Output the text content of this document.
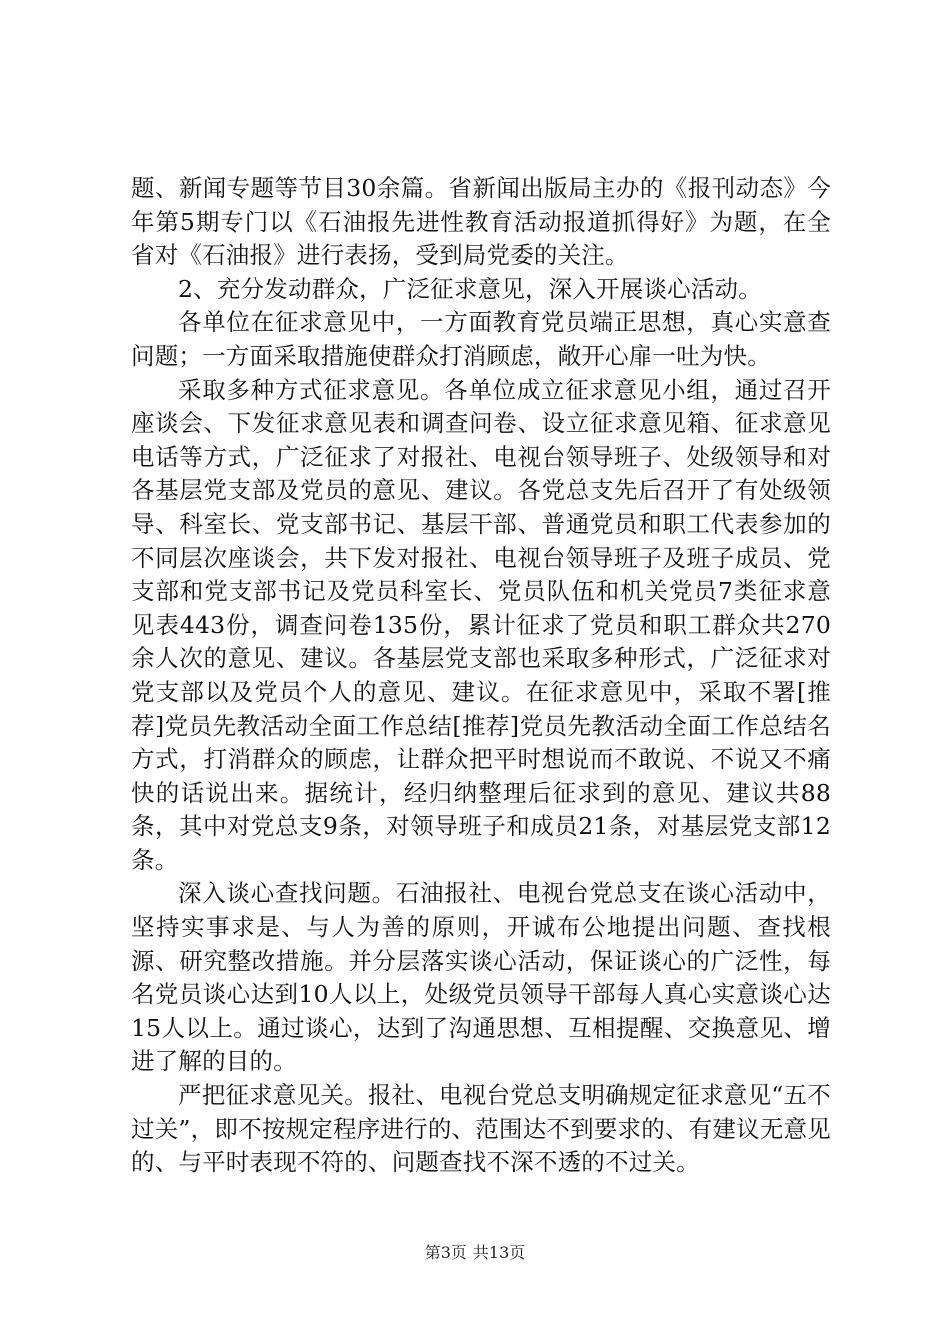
题、新闻专题等节目30余篇。省新闻出版局主办的《报刊动态》今年第5期专门以《石油报先进性教育活动报道抓得好》为题，在全省对《石油报》进行表扬，受到局党委的关注。

2、充分发动群众，广泛征求意见，深入开展谈心活动。

各单位在征求意见中，一方面教育党员端正思想，真心实意查问题；一方面采取措施使群众打消顾虑，敞开心扉一吐为快。

采取多种方式征求意见。各单位成立征求意见小组，通过召开座谈会、下发征求意见表和调查问卷、设立征求意见箱、征求意见电话等方式，广泛征求了对报社、电视台领导班子、处级领导和对各基层党支部及党员的意见、建议。各党总支先后召开了有处级领导、科室长、党支部书记、基层干部、普通党员和职工代表参加的不同层次座谈会，共下发对报社、电视台领导班子及班子成员、党支部和党支部书记及党员科室长、党员队伍和机关党员7类征求意见表443份，调查问卷135份，累计征求了党员和职工群众共270余人次的意见、建议。各基层党支部也采取多种形式，广泛征求对党支部以及党员个人的意见、建议。在征求意见中，采取不署[推荐]党员先教活动全面工作总结[推荐]党员先教活动全面工作总结名方式，打消群众的顾虑，让群众把平时想说而不敢说、不说又不痛快的话说出来。据统计，经归纳整理后征求到的意见、建议共88条，其中对党总支9条，对领导班子和成员21条，对基层党支部12条。

深入谈心查找问题。石油报社、电视台党总支在谈心活动中，坚持实事求是、与人为善的原则，开诚布公地提出问题、查找根源、研究整改措施。并分层落实谈心活动，保证谈心的广泛性，每名党员谈心达到10人以上，处级党员领导干部每人真心实意谈心达15人以上。通过谈心，达到了沟通思想、互相提醒、交换意见、增进了解的目的。

严把征求意见关。报社、电视台党总支明确规定征求意见“五不过关”，即不按规定程序进行的、范围达不到要求的、有建议无意见的、与平时表现不符的、问题查找不深不透的不过关。

第3页 共13页
